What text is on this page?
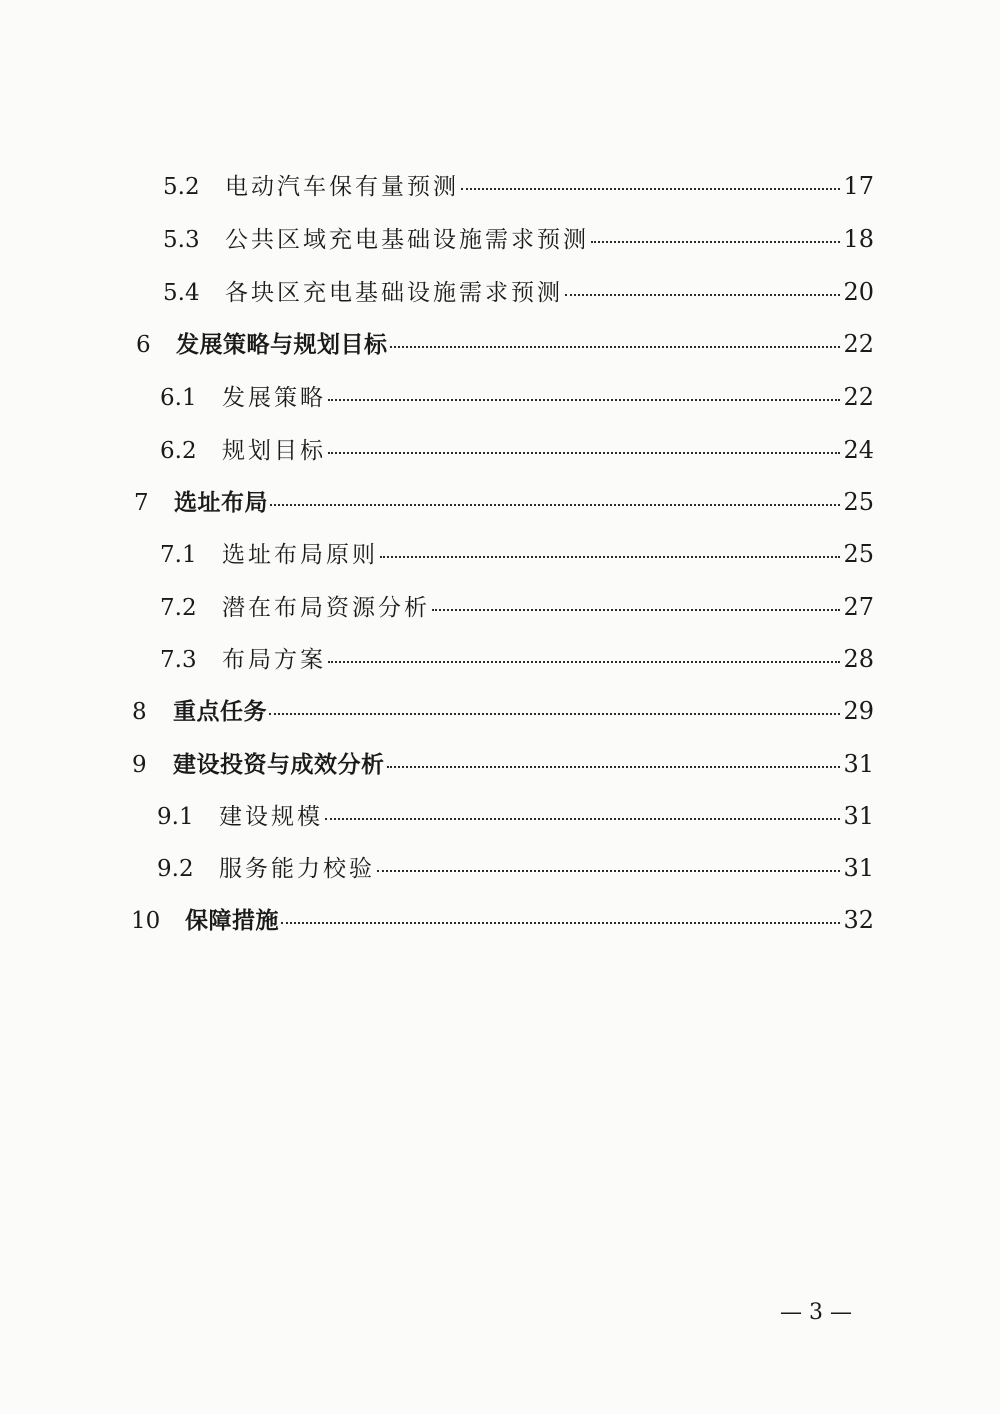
5.2	电动汽车保有量预测	17
5.3	公共区域充电基础设施需求预测	18
5.4	各块区充电基础设施需求预测	20
6	发展策略与规划目标	22
6.1	发展策略	22
6.2	规划目标	24
7	选址布局	25
7.1	选址布局原则	25
7.2	潜在布局资源分析	27
7.3	布局方案	28
8	重点任务	29
9	建设投资与成效分析	31
9.1	建设规模	31
9.2	服务能力校验	31
10	保障措施	32
— 3 —
